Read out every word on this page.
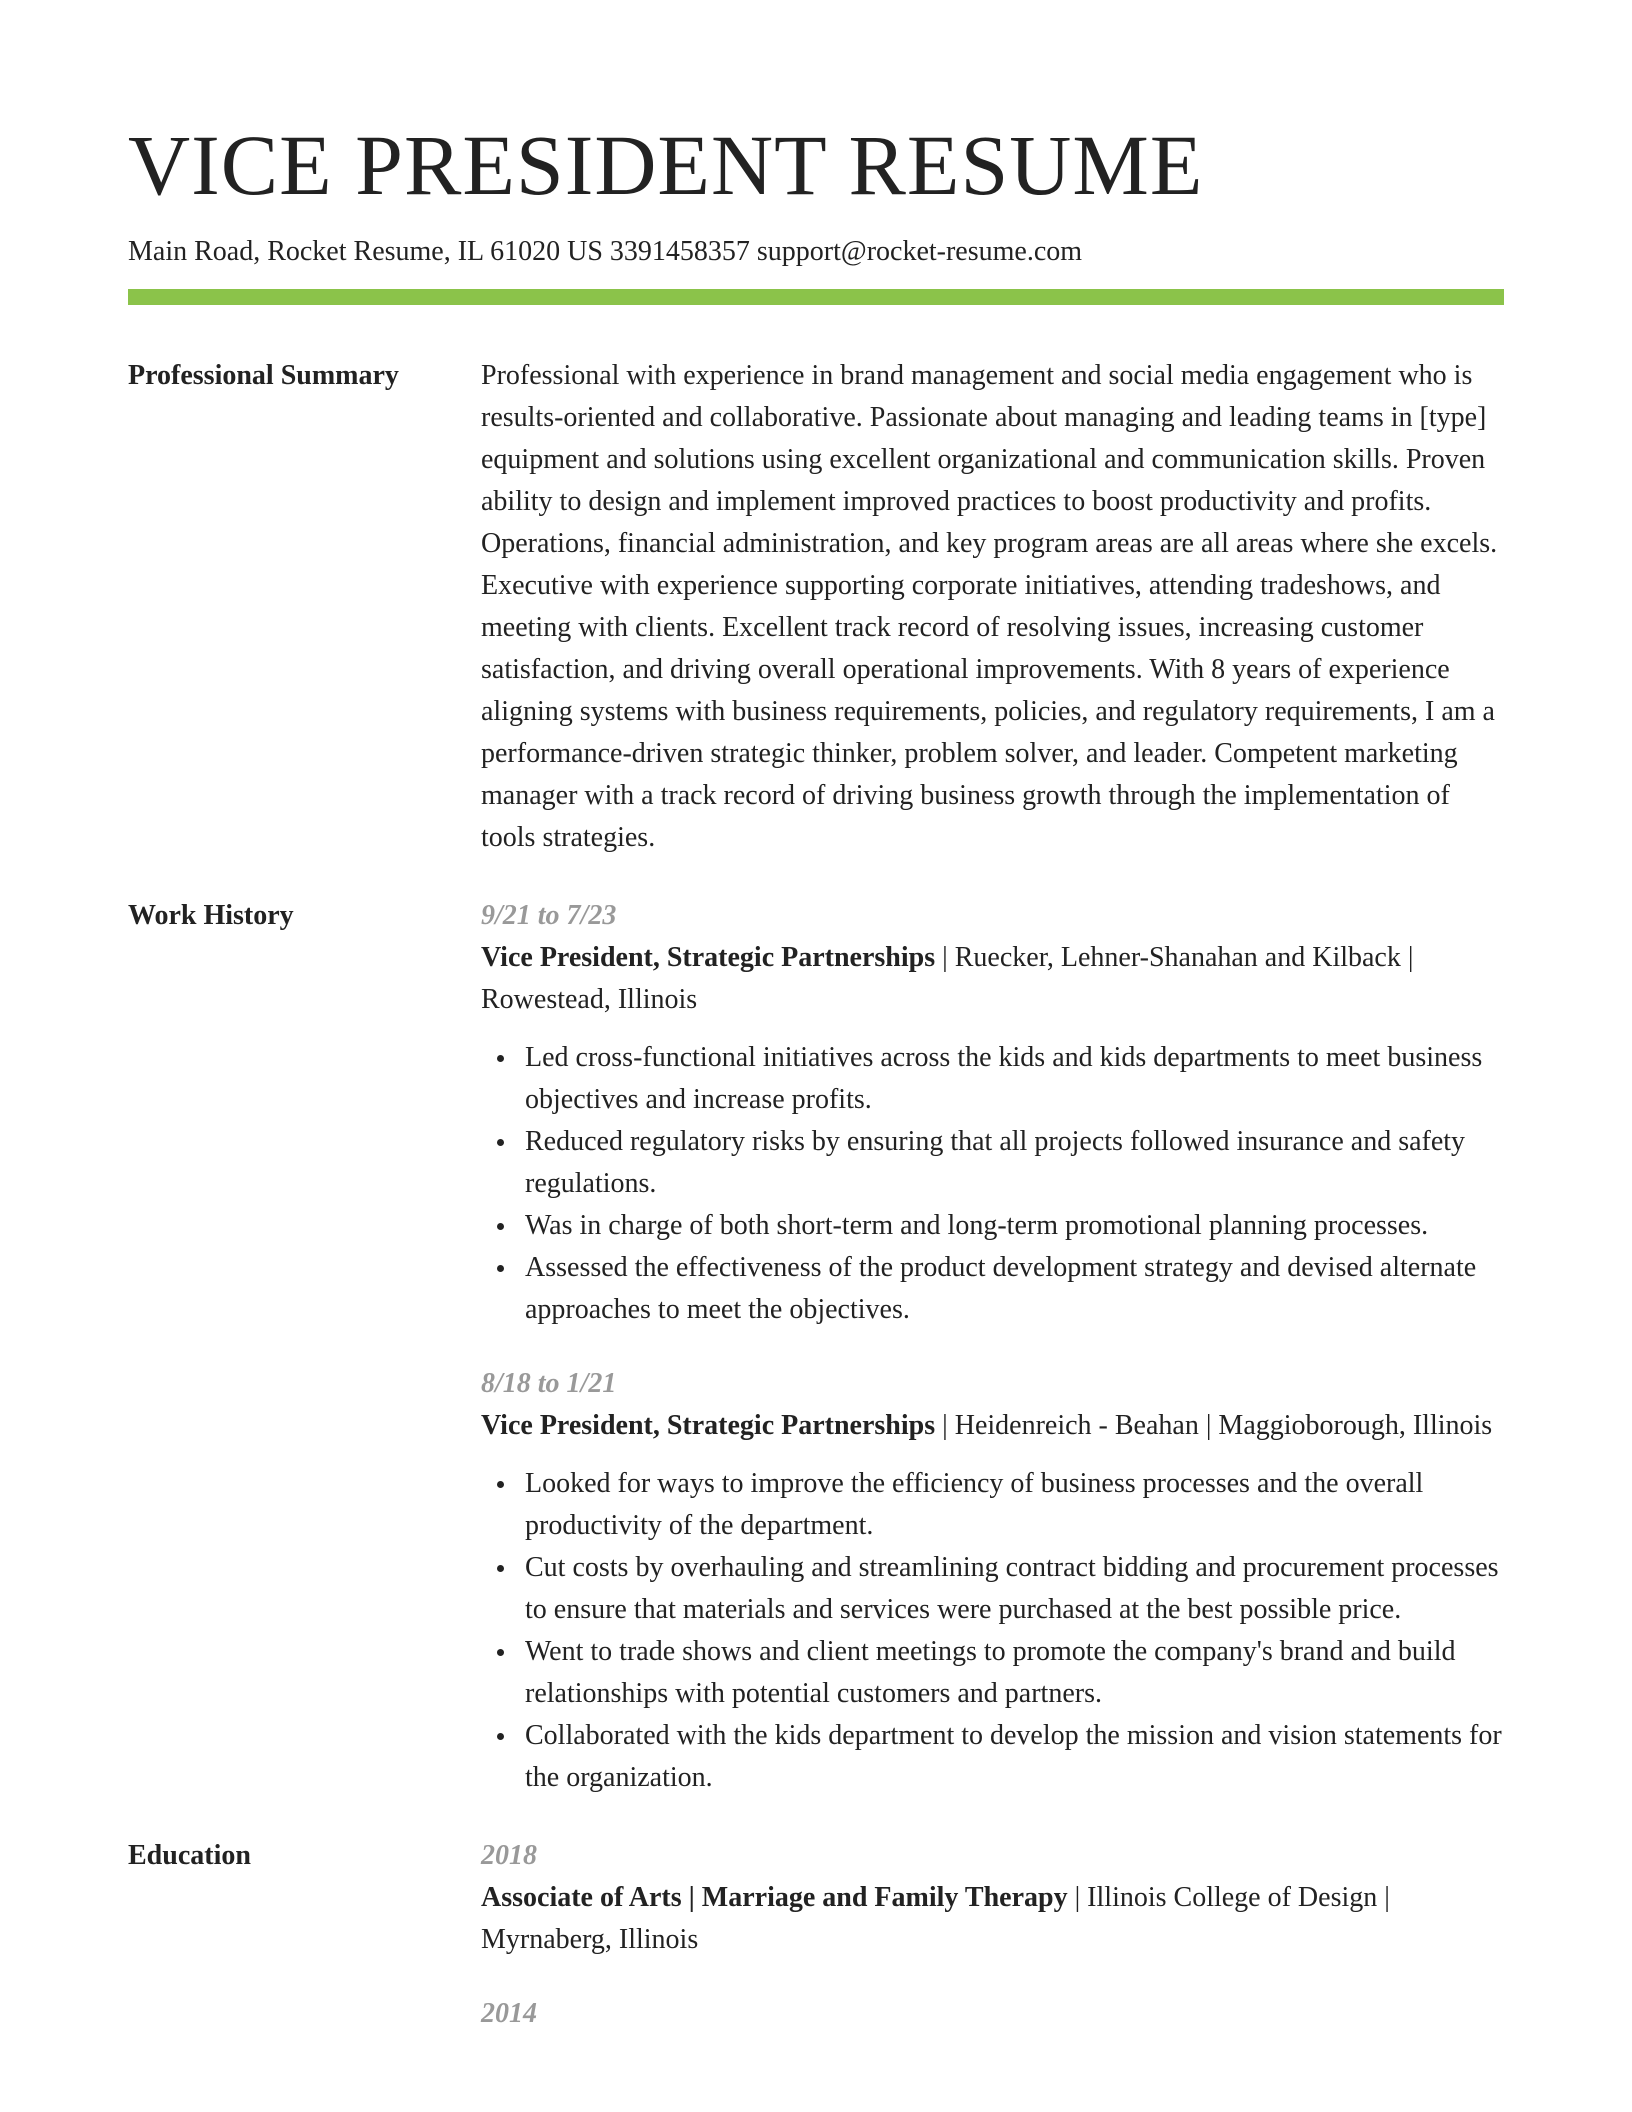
VICE PRESIDENT RESUME
Main Road, Rocket Resume, IL 61020 US 3391458357 support@rocket-resume.com
Professional Summary	Professional with experience in brand management and social media engagement who is results-oriented and collaborative. Passionate about managing and leading teams in [type] equipment and solutions using excellent organizational and communication skills. Proven ability to design and implement improved practices to boost productivity and profits. Operations, financial administration, and key program areas are all areas where she excels. Executive with experience supporting corporate initiatives, attending tradeshows, and meeting with clients. Excellent track record of resolving issues, increasing customer satisfaction, and driving overall operational improvements. With 8 years of experience aligning systems with business requirements, policies, and regulatory requirements, I am a performance-driven strategic thinker, problem solver, and leader. Competent marketing manager with a track record of driving business growth through the implementation of tools strategies.

Work History	9/21 to 7/23
Vice President, Strategic Partnerships | Ruecker, Lehner-Shanahan and Kilback | Rowestead, Illinois
Led cross-functional initiatives across the kids and kids departments to meet business objectives and increase profits.
Reduced regulatory risks by ensuring that all projects followed insurance and safety regulations.
Was in charge of both short-term and long-term promotional planning processes.
Assessed the effectiveness of the product development strategy and devised alternate approaches to meet the objectives.
8/18 to 1/21
Vice President, Strategic Partnerships | Heidenreich - Beahan | Maggioborough, Illinois
Looked for ways to improve the efficiency of business processes and the overall productivity of the department.
Cut costs by overhauling and streamlining contract bidding and procurement processes to ensure that materials and services were purchased at the best possible price.
Went to trade shows and client meetings to promote the company's brand and build relationships with potential customers and partners.
Collaborated with the kids department to develop the mission and vision statements for the organization.
Education	2018
Associate of Arts | Marriage and Family Therapy | Illinois College of Design | Myrnaberg, Illinois
2014
